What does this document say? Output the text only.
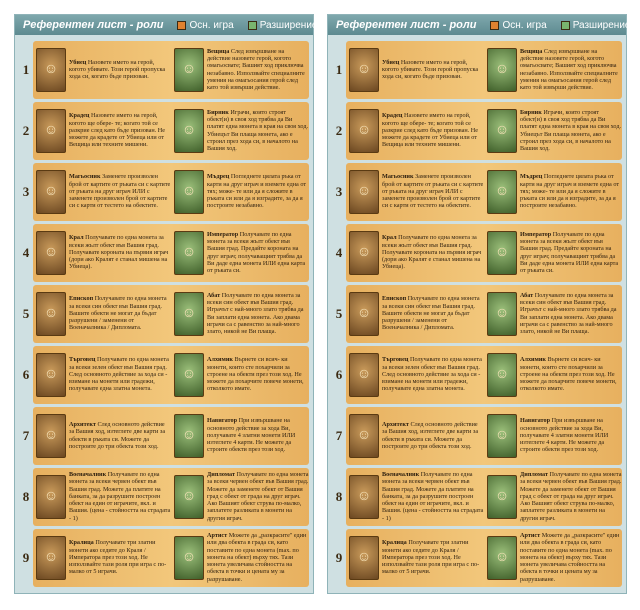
Референтен лист - роли	Осн. игра	Разширение
1 ☺ Убиец Назовете името на герой, когото убивате. Този герой пропуска хода си, когато бъде призован.
☺
Вещица След извършване на действие назовете герой, когото омагьосвате; Вашият ход приключва незабавно. Използвайте специалните умения на омагьосания герой след като той извърши действие.
2 ☺
Крадец Назовете името на герой, когото ще обере- те; когато той се разкрие след като бъде призован. Не можете да крадете от Убиеца или от Вещица или техните мишени.
☺
Бирник Играчи, които строят обект(и) в своя ход трябва да Ви платят една монета в края на своя ход. Убиецът Ви плаща монета, ако е строил през хода си, в началото на Вашия ход.
3 ☺
Магьосник Заменете произволен брой от картите от ръката си с картите от ръката на друг играч ИЛИ с заменете произволен брой от картите си с карти от тестето на обектите.
☺
Мъдрец Погледнете цялата ръка от карти на друг играч и вземете една от тях; може- те или да я сложите в ръката си или да я изградите, за да я построите незабавно.
4 ☺
Крал Получавате по една монета за всеки жълт обект във Вашия град. Получавате короната на първия играч (дори ако Кралят е станал мишена на Убиеца).
☺
Император Получавате по една монета за всеки жълт обект във Вашия град. Предайте короната на друг играч; получаващият трябва да Ви даде една монета ИЛИ една карта от ръката си.
5 ☺
Епископ Получавате по една монета за всеки син обект във Вашия град. Вашите обекти не могат да бъдат разрушени / заменени от Военачалника / Дипломата.
☺
Абат Получавате по една монета за всеки син обект във Вашия град. Играчът с най-много злато трябва да Ви заплати една монета. Ако двама играчи са с равенство за най-много злато, никой не Ви плаща.
6 ☺
Търговец Получавате по една монета за всеки зелен обект във Вашия град. След основното действие за хода си - взимане на монети или градежи, получавате една златна монета.
☺
Алхимик Върнете си всич- ки монети, които сте похарчили за строене на обекти през този ход. Не можете да похарчите повече монети, отколкото имате.
7 ☺
Архитект След основното действие за Вашия ход, изтеглете две карти за обекти в ръката си. Можете да построите до три обекта този ход.
☺
Навигатор При извършване на основното действие за хода Ви, получавате 4 златни монети ИЛИ изтеглете 4 карти. Не можете да строите обекти през този ход.
8 ☺
Военачалник Получавате по една монета за всеки червен обект във Вашия град. Можете да платите на банката, за да разрушите построен обект на един от играчите, вкл. и Вашия. (цена - стойността на страдата - 1)
☺
Дипломат Получавате по една монета за всеки червен обект във Вашия град. Можете да заменете обект от Вашия град с обект от града на друг играч. Ако Вашият обект струва по-малко, заплатете разликата в монети на другия играч.
9 ☺
Кралица Получавате три златни монети ако седите до Краля / Императора през този ход. Не използвайте тази роля при игра с по-малко от 5 играчи.
☺
Артист Можете да „разкрасите" един или два обекта в града си, като поставите по една монета (max. по монета на обект) върху тях. Тази монета увеличава стойността на обекта в точки и цената му за разрушаване.
Референтен лист - роли	Осн. игра	Разширение
1 ☺ Убиец Назовете името на герой, когото убивате. Този герой пропуска хода си, когато бъде призован.
☺
Вещица След извършване на действие назовете герой, когото омагьосвате; Вашият ход приключва незабавно. Използвайте специалните умения на омагьосания герой след като той извърши действие.
2 ☺
Крадец Назовете името на герой, когото ще обере- те; когато той се разкрие след като бъде призован. Не можете да крадете от Убиеца или от Вещица или техните мишени.
☺
Бирник Играчи, които строят обект(и) в своя ход трябва да Ви платят една монета в края на своя ход. Убиецът Ви плаща монета, ако е строил през хода си, в началото на Вашия ход.
3 ☺
Магьосник Заменете произволен брой от картите от ръката си с картите от ръката на друг играч ИЛИ с заменете произволен брой от картите си с карти от тестето на обектите.
☺
Мъдрец Погледнете цялата ръка от карти на друг играч и вземете една от тях; може- те или да я сложите в ръката си или да я изградите, за да я построите незабавно.
4 ☺
Крал Получавате по една монета за всеки жълт обект във Вашия град. Получавате короната на първия играч (дори ако Кралят е станал мишена на Убиеца).
☺
Император Получавате по една монета за всеки жълт обект във Вашия град. Предайте короната на друг играч; получаващият трябва да Ви даде една монета ИЛИ една карта от ръката си.
5 ☺
Епископ Получавате по една монета за всеки син обект във Вашия град. Вашите обекти не могат да бъдат разрушени / заменени от Военачалника / Дипломата.
☺
Абат Получавате по една монета за всеки син обект във Вашия град. Играчът с най-много злато трябва да Ви заплати една монета. Ако двама играчи са с равенство за най-много злато, никой не Ви плаща.
6 ☺
Търговец Получавате по една монета за всеки зелен обект във Вашия град. След основното действие за хода си - взимане на монети или градежи, получавате една златна монета.
☺
Алхимик Върнете си всич- ки монети, които сте похарчили за строене на обекти през този ход. Не можете да похарчите повече монети, отколкото имате.
7 ☺
Архитект След основното действие за Вашия ход, изтеглете две карти за обекти в ръката си. Можете да построите до три обекта този ход.
☺
Навигатор При извършване на основното действие за хода Ви, получавате 4 златни монети ИЛИ изтеглете 4 карти. Не можете да строите обекти през този ход.
8 ☺
Военачалник Получавате по една монета за всеки червен обект във Вашия град. Можете да платите на банката, за да разрушите построен обект на един от играчите, вкл. и Вашия. (цена - стойността на страдата - 1)
☺
Дипломат Получавате по една монета за всеки червен обект във Вашия град. Можете да заменете обект от Вашия град с обект от града на друг играч. Ако Вашият обект струва по-малко, заплатете разликата в монети на другия играч.
9 ☺
Кралица Получавате три златни монети ако седите до Краля / Императора през този ход. Не използвайте тази роля при игра с по-малко от 5 играчи.
☺
Артист Можете да „разкрасите" един или два обекта в града си, като поставите по една монета (max. по монета на обект) върху тях. Тази монета увеличава стойността на обекта в точки и цената му за разрушаване.
